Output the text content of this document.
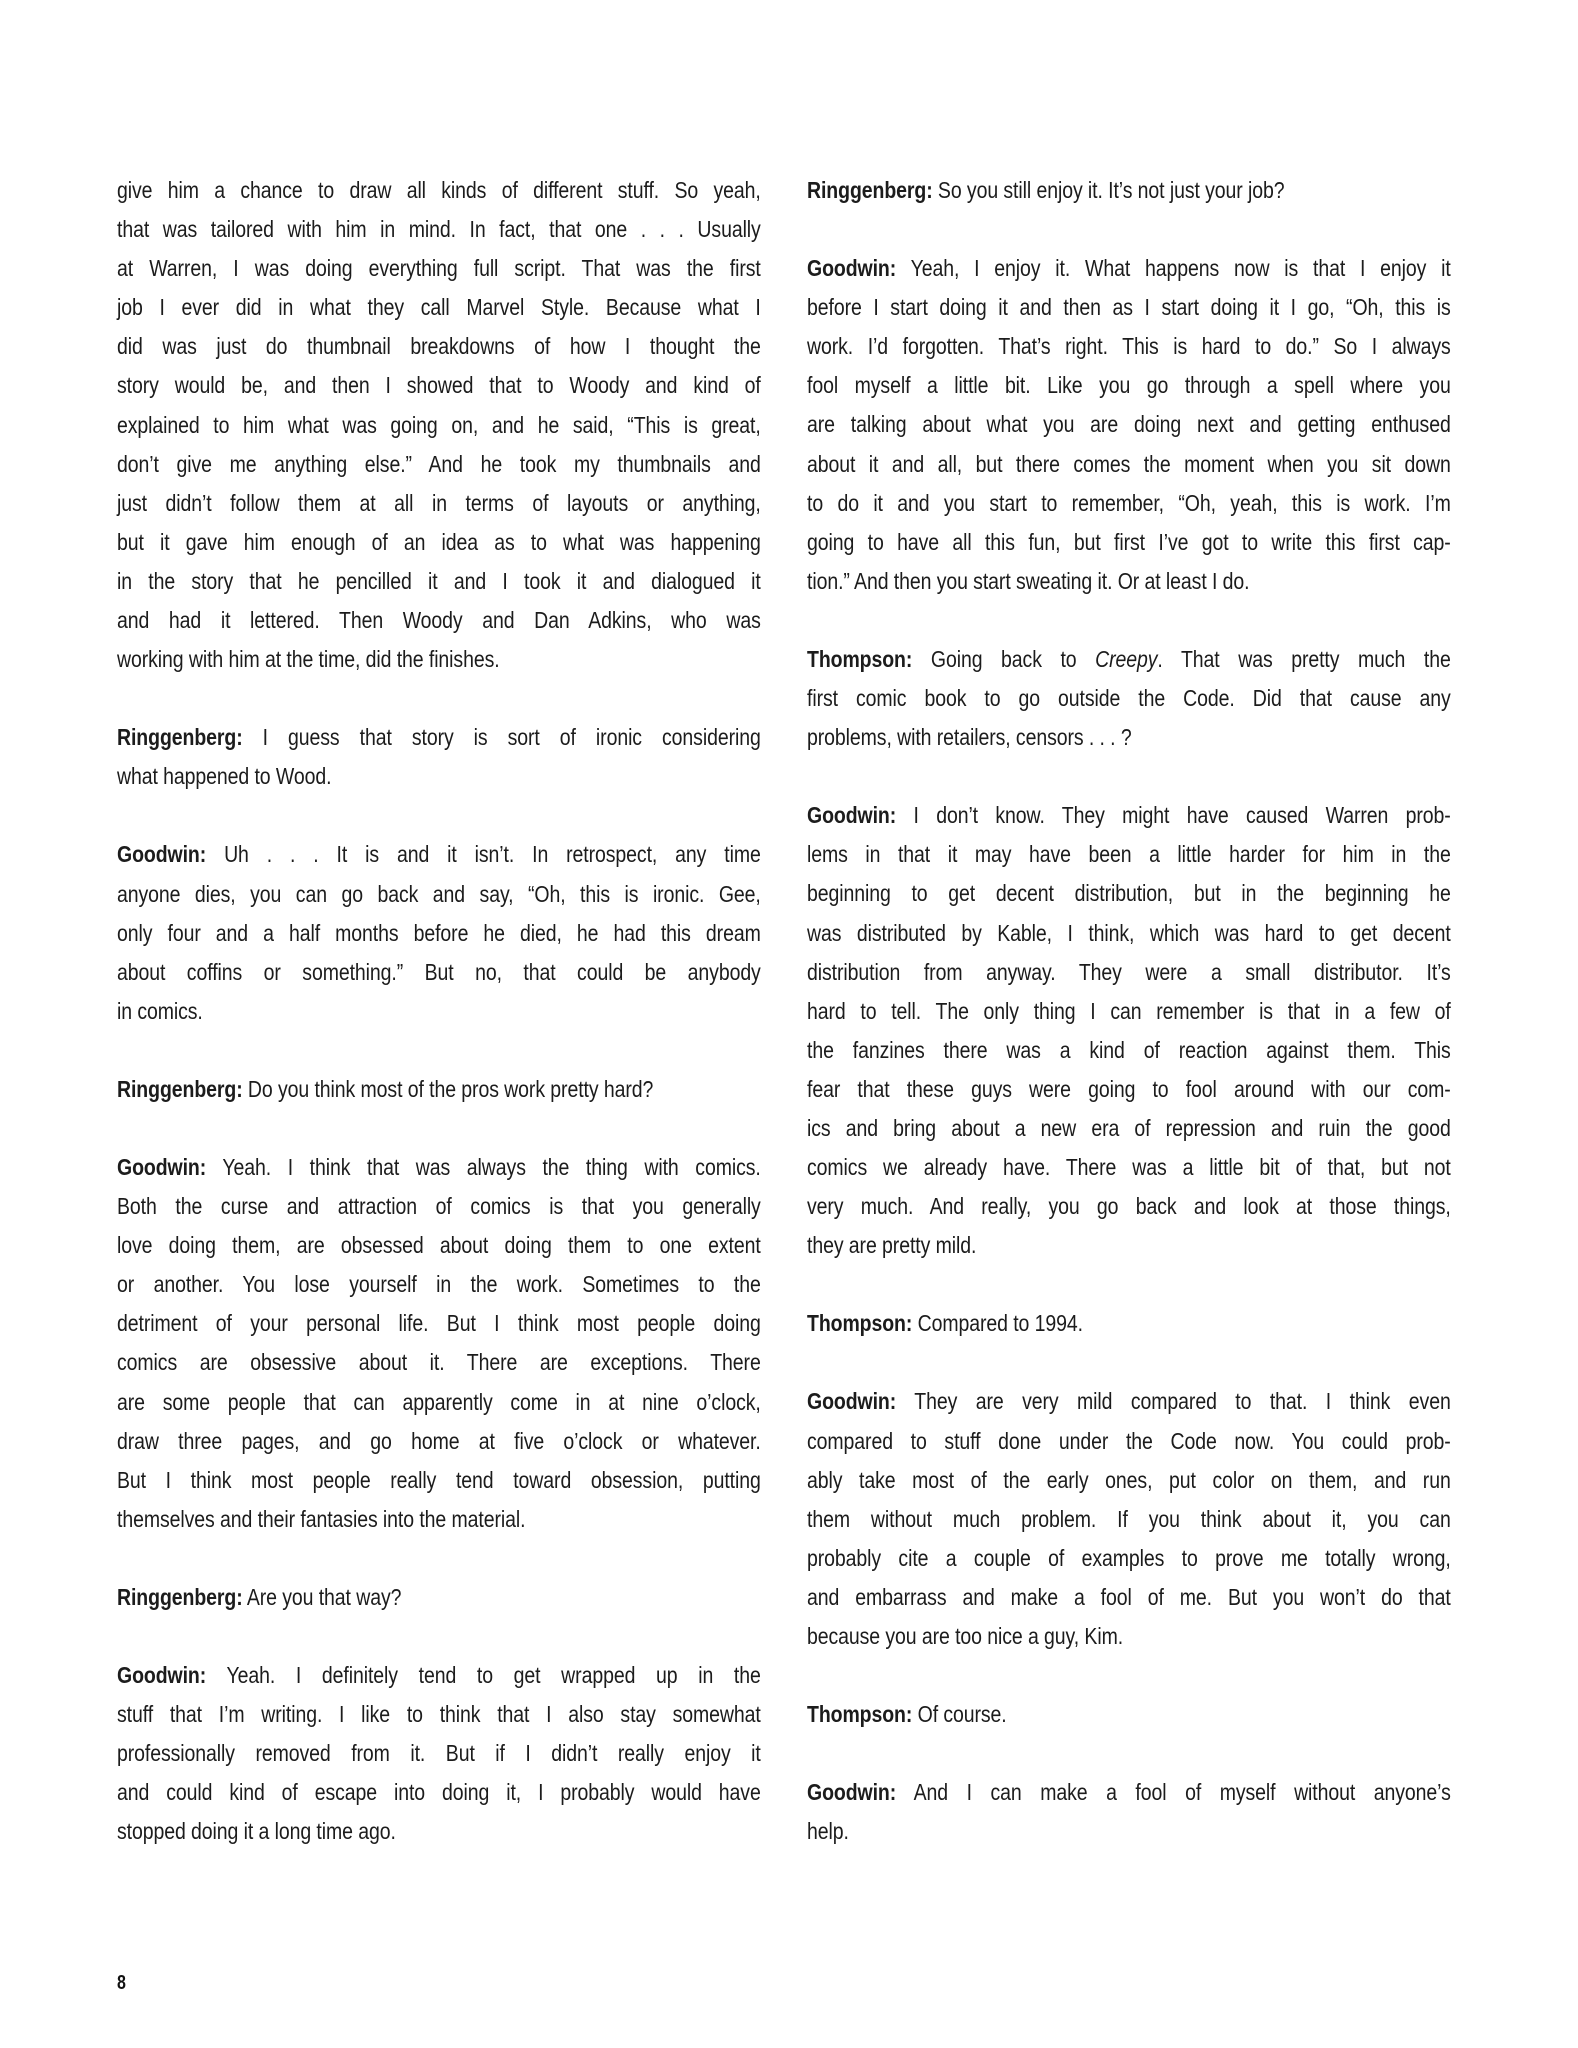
give him a chance to draw all kinds of different stuff. So yeah,
that was tailored with him in mind. In fact, that one . . . Usually
at Warren, I was doing everything full script. That was the first
job I ever did in what they call Marvel Style. Because what I
did was just do thumbnail breakdowns of how I thought the
story would be, and then I showed that to Woody and kind of
explained to him what was going on, and he said, “This is great,
don’t give me anything else.” And he took my thumbnails and
just didn’t follow them at all in terms of layouts or anything,
but it gave him enough of an idea as to what was happening
in the story that he pencilled it and I took it and dialogued it
and had it lettered. Then Woody and Dan Adkins, who was
working with him at the time, did the finishes.
Ringgenberg: I guess that story is sort of ironic considering
what happened to Wood.
Goodwin: Uh . . . It is and it isn’t. In retrospect, any time
anyone dies, you can go back and say, “Oh, this is ironic. Gee,
only four and a half months before he died, he had this dream
about coffins or something.” But no, that could be anybody
in comics.
Ringgenberg: Do you think most of the pros work pretty hard?
Goodwin: Yeah. I think that was always the thing with comics.
Both the curse and attraction of comics is that you generally
love doing them, are obsessed about doing them to one extent
or another. You lose yourself in the work. Sometimes to the
detriment of your personal life. But I think most people doing
comics are obsessive about it. There are exceptions. There
are some people that can apparently come in at nine o’clock,
draw three pages, and go home at five o’clock or whatever.
But I think most people really tend toward obsession, putting
themselves and their fantasies into the material.
Ringgenberg: Are you that way?
Goodwin: Yeah. I definitely tend to get wrapped up in the
stuff that I’m writing. I like to think that I also stay somewhat
professionally removed from it. But if I didn’t really enjoy it
and could kind of escape into doing it, I probably would have
stopped doing it a long time ago.
Ringgenberg: So you still enjoy it. It’s not just your job?
Goodwin: Yeah, I enjoy it. What happens now is that I enjoy it
before I start doing it and then as I start doing it I go, “Oh, this is
work. I’d forgotten. That’s right. This is hard to do.” So I always
fool myself a little bit. Like you go through a spell where you
are talking about what you are doing next and getting enthused
about it and all, but there comes the moment when you sit down
to do it and you start to remember, “Oh, yeah, this is work. I’m
going to have all this fun, but first I’ve got to write this first cap-
tion.” And then you start sweating it. Or at least I do.
Thompson: Going back to Creepy. That was pretty much the
first comic book to go outside the Code. Did that cause any
problems, with retailers, censors . . . ?
Goodwin: I don’t know. They might have caused Warren prob-
lems in that it may have been a little harder for him in the
beginning to get decent distribution, but in the beginning he
was distributed by Kable, I think, which was hard to get decent
distribution from anyway. They were a small distributor. It’s
hard to tell. The only thing I can remember is that in a few of
the fanzines there was a kind of reaction against them. This
fear that these guys were going to fool around with our com-
ics and bring about a new era of repression and ruin the good
comics we already have. There was a little bit of that, but not
very much. And really, you go back and look at those things,
they are pretty mild.
Thompson: Compared to 1994.
Goodwin: They are very mild compared to that. I think even
compared to stuff done under the Code now. You could prob-
ably take most of the early ones, put color on them, and run
them without much problem. If you think about it, you can
probably cite a couple of examples to prove me totally wrong,
and embarrass and make a fool of me. But you won’t do that
because you are too nice a guy, Kim.
Thompson: Of course.
Goodwin: And I can make a fool of myself without anyone’s
help.
8
